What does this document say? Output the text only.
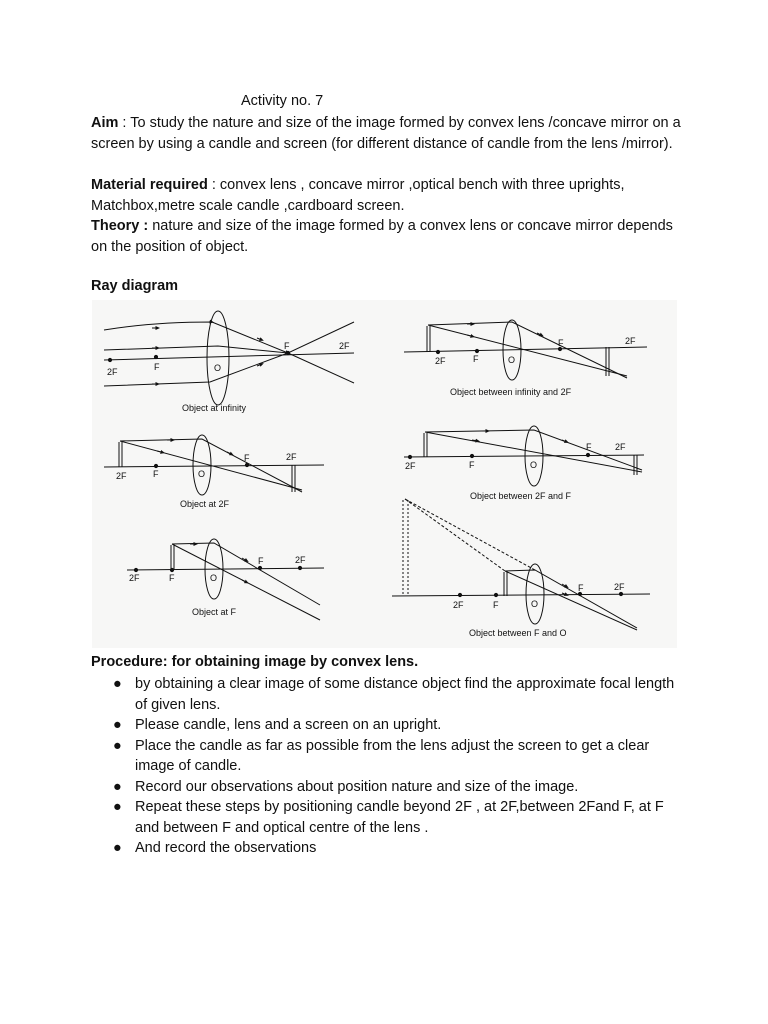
Activity no. 7
Aim : To study the nature and size of the image formed by convex lens /concave mirror on a screen by using a candle and screen (for different distance of candle from the lens /mirror).
Material required : convex lens , concave mirror ,optical bench with three uprights, Matchbox,metre scale candle ,cardboard screen.
Theory : nature and size of the image formed by a convex lens or concave mirror depends on the position of object.
Ray diagram
2F	F	O
F	2F
Object at infinity
2F	F	O
F	2F
Object between infinity and 2F
2F	F	O
F	2F
Object at 2F
2F	F	O
F	2F
Object between 2F and F
2F	F	O
F	2F
Object at F
2F	F	O
F	2F
Object between F and O
Procedure: for obtaining image by convex lens.
● by obtaining a clear image of some distance object find the approximate focal length of given lens.
● Please candle, lens and a screen on an upright.
● Place the candle as far as possible from the lens adjust the screen to get a clear image of candle.
● Record our observations about position nature and size of the image.
● Repeat these steps by positioning candle beyond 2F , at 2F,between 2Fand F, at F and between F and optical centre of the lens .
● And record the observations
